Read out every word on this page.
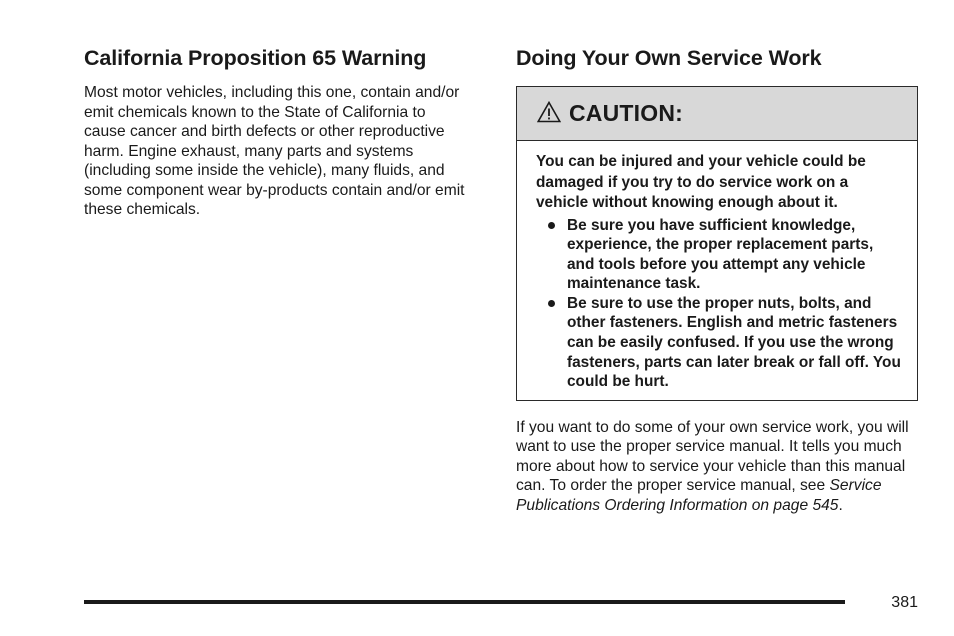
California Proposition 65 Warning

Most motor vehicles, including this one, contain and/or emit chemicals known to the State of California to cause cancer and birth defects or other reproductive harm. Engine exhaust, many parts and systems (including some inside the vehicle), many fluids, and some component wear by-products contain and/or emit these chemicals.

Doing Your Own Service Work
CAUTION:

You can be injured and your vehicle could be damaged if you try to do service work on a vehicle without knowing enough about it.

Be sure you have sufficient knowledge, experience, the proper replacement parts, and tools before you attempt any vehicle maintenance task.
Be sure to use the proper nuts, bolts, and other fasteners. English and metric fasteners can be easily confused. If you use the wrong fasteners, parts can later break or fall off. You could be hurt.

If you want to do some of your own service work, you will want to use the proper service manual. It tells you much more about how to service your vehicle than this manual can. To order the proper service manual, see Service Publications Ordering Information on page 545.

381
